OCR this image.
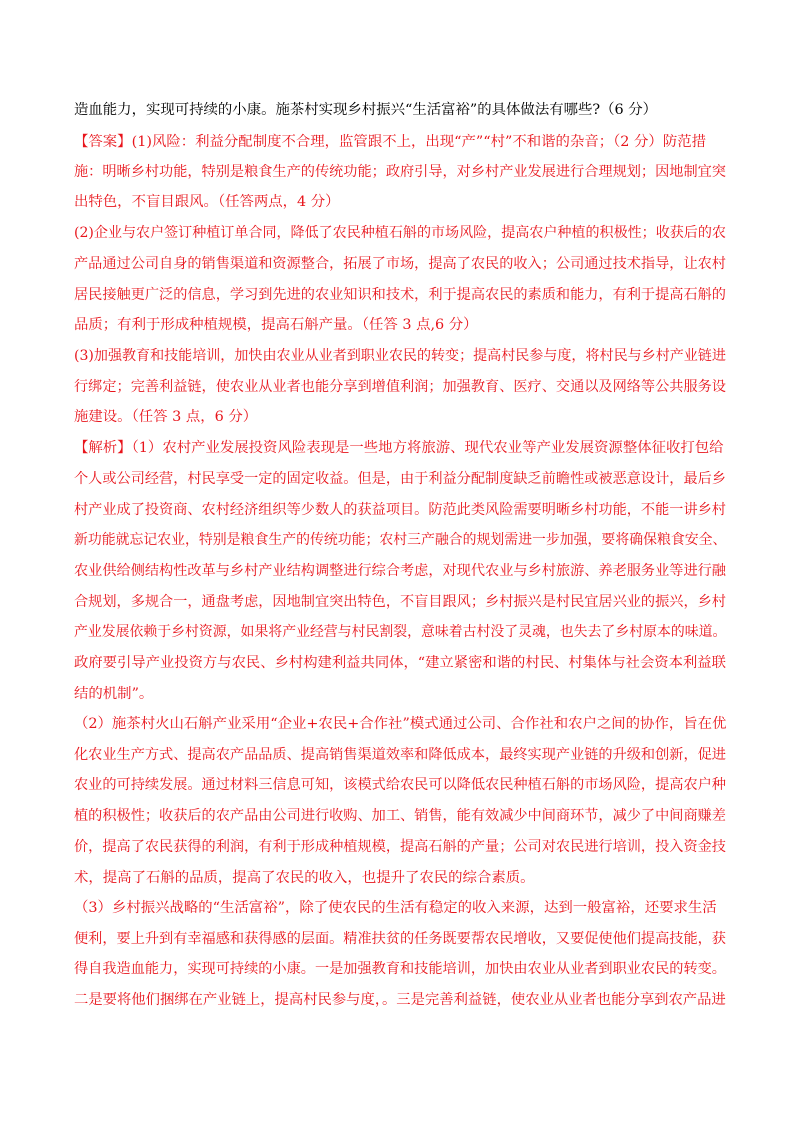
造血能力，实现可持续的小康。施茶村实现乡村振兴“生活富裕”的具体做法有哪些?（6 分）
【答案】(1)风险：利益分配制度不合理，监管跟不上，出现“产”“村”不和谐的杂音；（2 分）防范措
施：明晰乡村功能，特别是粮食生产的传统功能；政府引导，对乡村产业发展进行合理规划；因地制宜突
出特色，不盲目跟风。（任答两点，4 分）
(2)企业与农户签订种植订单合同，降低了农民种植石斛的市场风险，提高农户种植的积极性；收获后的农
产品通过公司自身的销售渠道和资源整合，拓展了市场，提高了农民的收入；公司通过技术指导，让农村
居民接触更广泛的信息，学习到先进的农业知识和技术，利于提高农民的素质和能力，有利于提高石斛的
品质；有利于形成种植规模，提高石斛产量。（任答 3 点,6 分）
(3)加强教育和技能培训，加快由农业从业者到职业农民的转变；提高村民参与度，将村民与乡村产业链进
行绑定；完善利益链，使农业从业者也能分享到增值利润；加强教育、医疗、交通以及网络等公共服务设
施建设。（任答 3 点，6 分）
【解析】（1）农村产业发展投资风险表现是一些地方将旅游、现代农业等产业发展资源整体征收打包给
个人或公司经营，村民享受一定的固定收益。但是，由于利益分配制度缺乏前瞻性或被恶意设计，最后乡
村产业成了投资商、农村经济组织等少数人的获益项目。防范此类风险需要明晰乡村功能，不能一讲乡村
新功能就忘记农业，特别是粮食生产的传统功能；农村三产融合的规划需进一步加强，要将确保粮食安全、
农业供给侧结构性改革与乡村产业结构调整进行综合考虑，对现代农业与乡村旅游、养老服务业等进行融
合规划，多规合一，通盘考虑，因地制宜突出特色，不盲目跟风；乡村振兴是村民宜居兴业的振兴，乡村
产业发展依赖于乡村资源，如果将产业经营与村民割裂，意味着古村没了灵魂，也失去了乡村原本的味道。
政府要引导产业投资方与农民、乡村构建利益共同体，“建立紧密和谐的村民、村集体与社会资本利益联
结的机制”。
（2）施茶村火山石斛产业采用“企业+农民+合作社”模式通过公司、合作社和农户之间的协作，旨在优
化农业生产方式、提高农产品品质、提高销售渠道效率和降低成本，最终实现产业链的升级和创新，促进
农业的可持续发展。通过材料三信息可知，该模式给农民可以降低农民种植石斛的市场风险，提高农户种
植的积极性；收获后的农产品由公司进行收购、加工、销售，能有效减少中间商环节，减少了中间商赚差
价，提高了农民获得的利润，有利于形成种植规模，提高石斛的产量；公司对农民进行培训，投入资金技
术，提高了石斛的品质，提高了农民的收入，也提升了农民的综合素质。
（3）乡村振兴战略的“生活富裕”，除了使农民的生活有稳定的收入来源，达到一般富裕，还要求生活
便利，要上升到有幸福感和获得感的层面。精准扶贫的任务既要帮农民增收，又要促使他们提高技能，获
得自我造血能力，实现可持续的小康。一是加强教育和技能培训，加快由农业从业者到职业农民的转变。
二是要将他们捆绑在产业链上，提高村民参与度，。三是完善利益链，使农业从业者也能分享到农产品进
